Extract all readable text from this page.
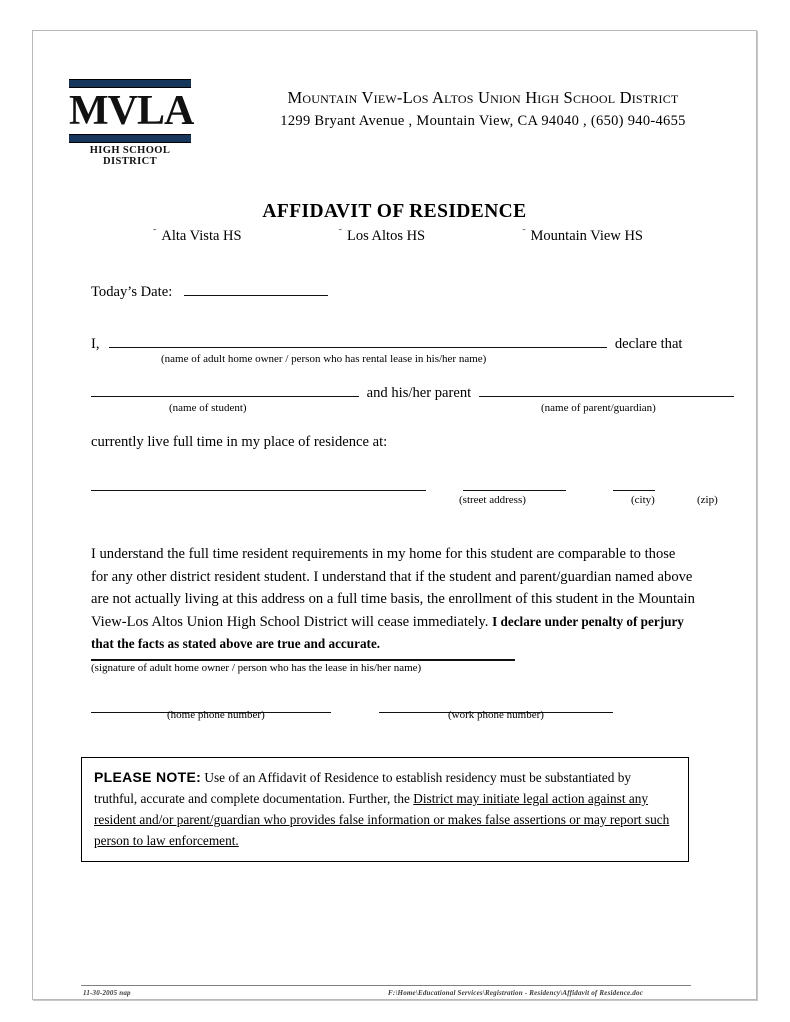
MVLA
HIGH SCHOOL DISTRICT
Mountain View-Los Altos Union High School District
1299 Bryant Avenue , Mountain View, CA 94040 , (650) 940-4655
AFFIDAVIT OF RESIDENCE
˜ Alta Vista HS	˜ Los Altos HS	˜ Mountain View HS
Today’s Date:
I,	declare that
(name of adult home owner / person who has rental lease in his/her name)
and his/her parent
(name of student)	(name of parent/guardian)
currently live full time in my place of residence at:

(street address)	(city)	(zip)
(signature of adult home owner / person who has the lease in his/her name)

(home phone number)	(work phone number)
I understand the full time resident requirements in my home for this student are comparable to those for any other district resident student. I understand that if the student and parent/guardian named above are not actually living at this address on a full time basis, the enrollment of this student in the Mountain View-Los Altos Union High School District will cease immediately. I declare under penalty of perjury that the facts as stated above are true and accurate.
PLEASE NOTE: Use of an Affidavit of Residence to establish residency must be substantiated by truthful, accurate and complete documentation. Further, the District may initiate legal action against any resident and/or parent/guardian who provides false information or makes false assertions or may report such person to law enforcement.
11-30-2005 nap	F:\Home\Educational Services\Registration - Residency\Affidavit of Residence.doc
